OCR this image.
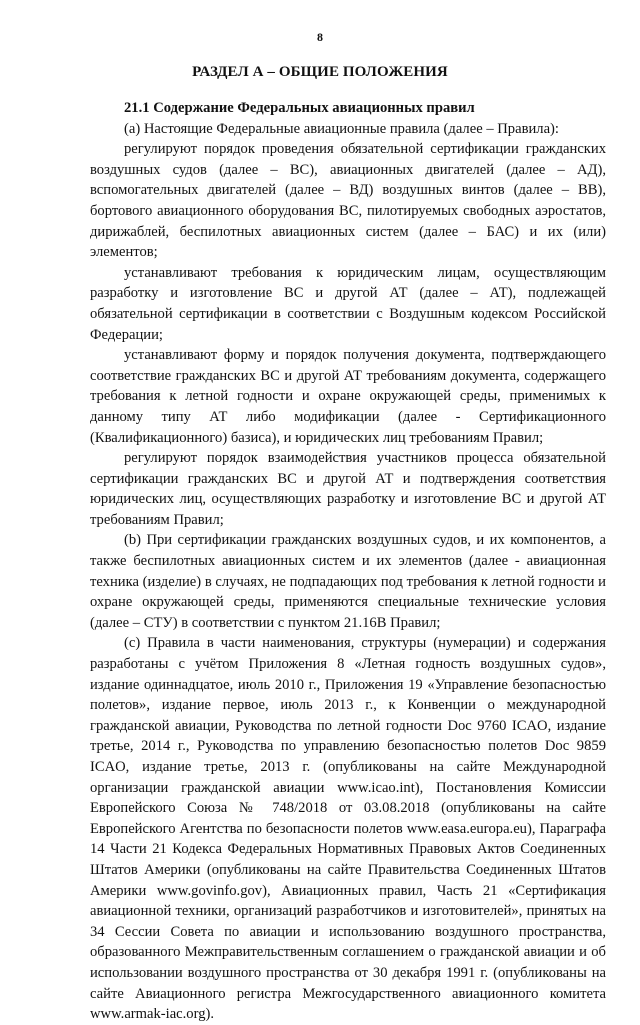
8
РАЗДЕЛ А – ОБЩИЕ ПОЛОЖЕНИЯ

21.1 Содержание Федеральных авиационных правил

(а) Настоящие Федеральные авиационные правила (далее – Правила):

регулируют порядок проведения обязательной сертификации гражданских воздушных судов (далее – ВС), авиационных двигателей (далее – АД), вспомогательных двигателей (далее – ВД) воздушных винтов (далее – ВВ), бортового авиационного оборудования ВС, пилотируемых свободных аэростатов, дирижаблей, беспилотных авиационных систем (далее – БАС) и их (или) элементов;

устанавливают требования к юридическим лицам, осуществляющим разработку и изготовление ВС и другой АТ (далее – АТ), подлежащей обязательной сертификации в соответствии с Воздушным кодексом Российской Федерации;

устанавливают форму и порядок получения документа, подтверждающего соответствие гражданских ВС и другой АТ требованиям документа, содержащего требования к летной годности и охране окружающей среды, применимых к данному типу АТ либо модификации (далее - Сертификационного (Квалификационного) базиса), и юридических лиц требованиям Правил;

регулируют порядок взаимодействия участников процесса обязательной сертификации гражданских ВС и другой АТ и подтверждения соответствия юридических лиц, осуществляющих разработку и изготовление ВС и другой АТ требованиям Правил;

(b) При сертификации гражданских воздушных судов, и их компонентов, а также беспилотных авиационных систем и их элементов (далее - авиационная техника (изделие) в случаях, не подпадающих под требования к летной годности и охране окружающей среды, применяются специальные технические условия (далее – СТУ) в соответствии с пунктом 21.16В Правил;

(с) Правила в части наименования, структуры (нумерации) и содержания разработаны с учётом Приложения 8 «Летная годность воздушных судов», издание одиннадцатое, июль 2010 г., Приложения 19 «Управление безопасностью полетов», издание первое, июль 2013 г., к Конвенции о международной гражданской авиации, Руководства по летной годности Doc 9760 ICAO, издание третье, 2014 г., Руководства по управлению безопасностью полетов Doc 9859 ICAO, издание третье, 2013 г. (опубликованы на сайте Международной организации гражданской авиации www.icao.int), Постановления Комиссии Европейского Союза № 748/2018 от 03.08.2018 (опубликованы на сайте Европейского Агентства по безопасности полетов www.easa.europa.eu), Параграфа 14 Части 21 Кодекса Федеральных Нормативных Правовых Актов Соединенных Штатов Америки (опубликованы на сайте Правительства Соединенных Штатов Америки www.govinfo.gov), Авиационных правил, Часть 21 «Сертификация авиационной техники, организаций разработчиков и изготовителей», принятых на 34 Сессии Совета по авиации и использованию воздушного пространства, образованного Межправительственным соглашением о гражданской авиации и об использовании воздушного пространства от 30 декабря 1991 г. (опубликованы на сайте Авиационного регистра Межгосударственного авиационного комитета www.armak-iac.org).
